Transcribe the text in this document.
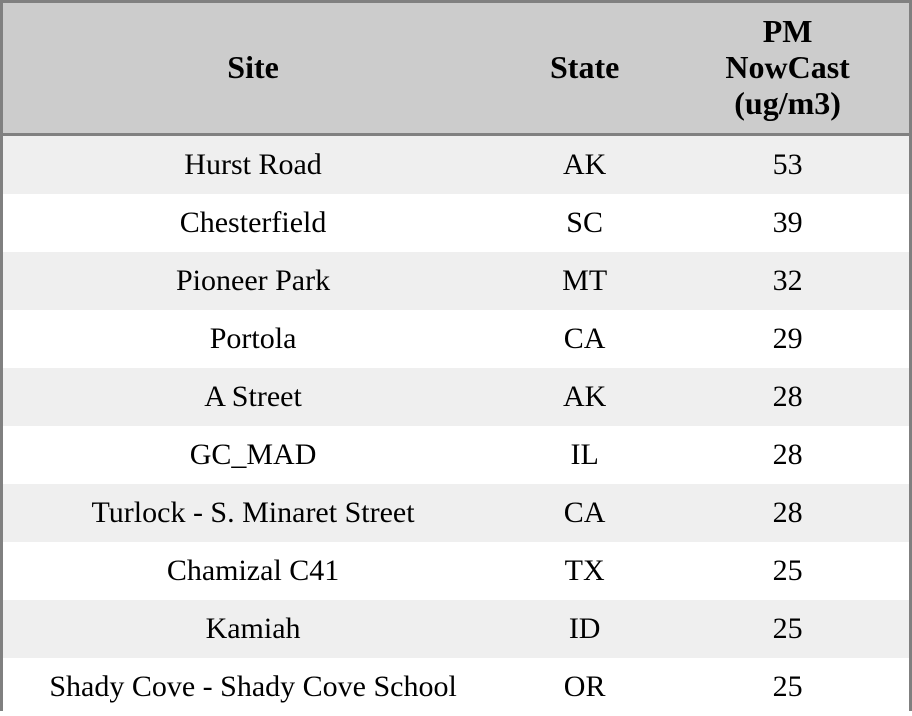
Site	State	PM
NowCast
(ug/m3)

Hurst Road	AK	53
Chesterfield	SC	39
Pioneer Park	MT	32
Portola	CA	29
A Street	AK	28
GC_MAD	IL	28
Turlock - S. Minaret Street	CA	28
Chamizal C41	TX	25
Kamiah	ID	25
Shady Cove - Shady Cove School	OR	25
